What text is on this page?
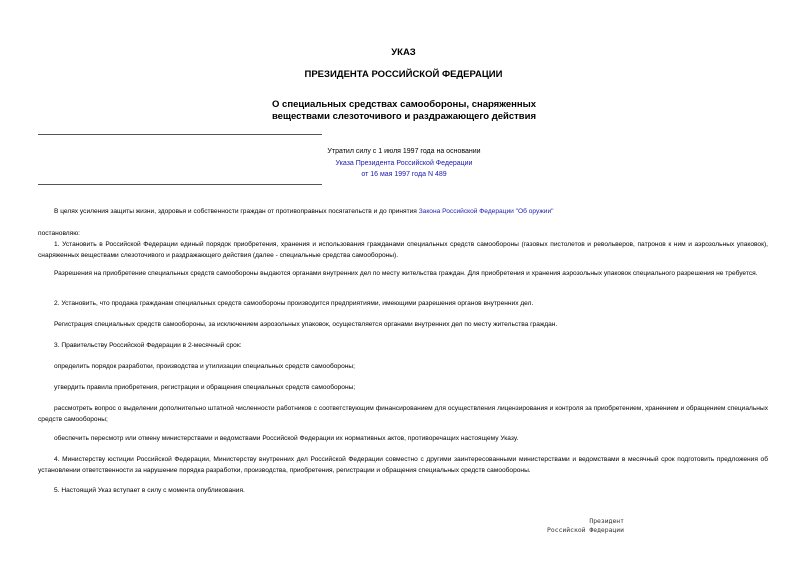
УКАЗ
ПРЕЗИДЕНТА РОССИЙСКОЙ ФЕДЕРАЦИИ
О специальных средствах самообороны, снаряженных
веществами слезоточивого и раздражающего действия
Утратил силу с 1 июля 1997 года на основании
Указа Президента Российской Федерации
от 16 мая 1997 года N 489
В целях усиления защиты жизни, здоровья и собственности граждан от противоправных посягательств и до принятия Закона Российской Федерации "Об оружии"
постановляю:
1. Установить в Российской Федерации единый порядок приобретения, хранения и использования гражданами специальных средств самообороны (газовых пистолетов и револьверов, патронов к ним и аэрозольных упаковок), снаряженных веществами слезоточивого и раздражающего действия (далее - специальные средства самообороны).
Разрешения на приобретение специальных средств самообороны выдаются органами внутренних дел по месту жительства граждан. Для приобретения и хранения аэрозольных упаковок специального разрешения не требуется.
2. Установить, что продажа гражданам специальных средств самообороны производится предприятиями, имеющими разрешения органов внутренних дел.
Регистрация специальных средств самообороны, за исключением аэрозольных упаковок, осуществляется органами внутренних дел по месту жительства граждан.
3. Правительству Российской Федерации в 2-месячный срок:
определить порядок разработки, производства и утилизации специальных средств самообороны;
утвердить правила приобретения, регистрации и обращения специальных средств самообороны;
рассмотреть вопрос о выделении дополнительно штатной численности работников с соответствующим финансированием для осуществления лицензирования и контроля за приобретением, хранением и обращением специальных средств самообороны;
обеспечить пересмотр или отмену министерствами и ведомствами Российской Федерации их нормативных актов, противоречащих настоящему Указу.
4. Министерству юстиции Российской Федерации, Министерству внутренних дел Российской Федерации совместно с другими заинтересованными министерствами и ведомствами в месячный срок подготовить предложения об установлении ответственности за нарушение порядка разработки, производства, приобретения, регистрации и обращения специальных средств самообороны.
5. Настоящий Указ вступает в силу с момента опубликования.
Президент
Российской Федерации
